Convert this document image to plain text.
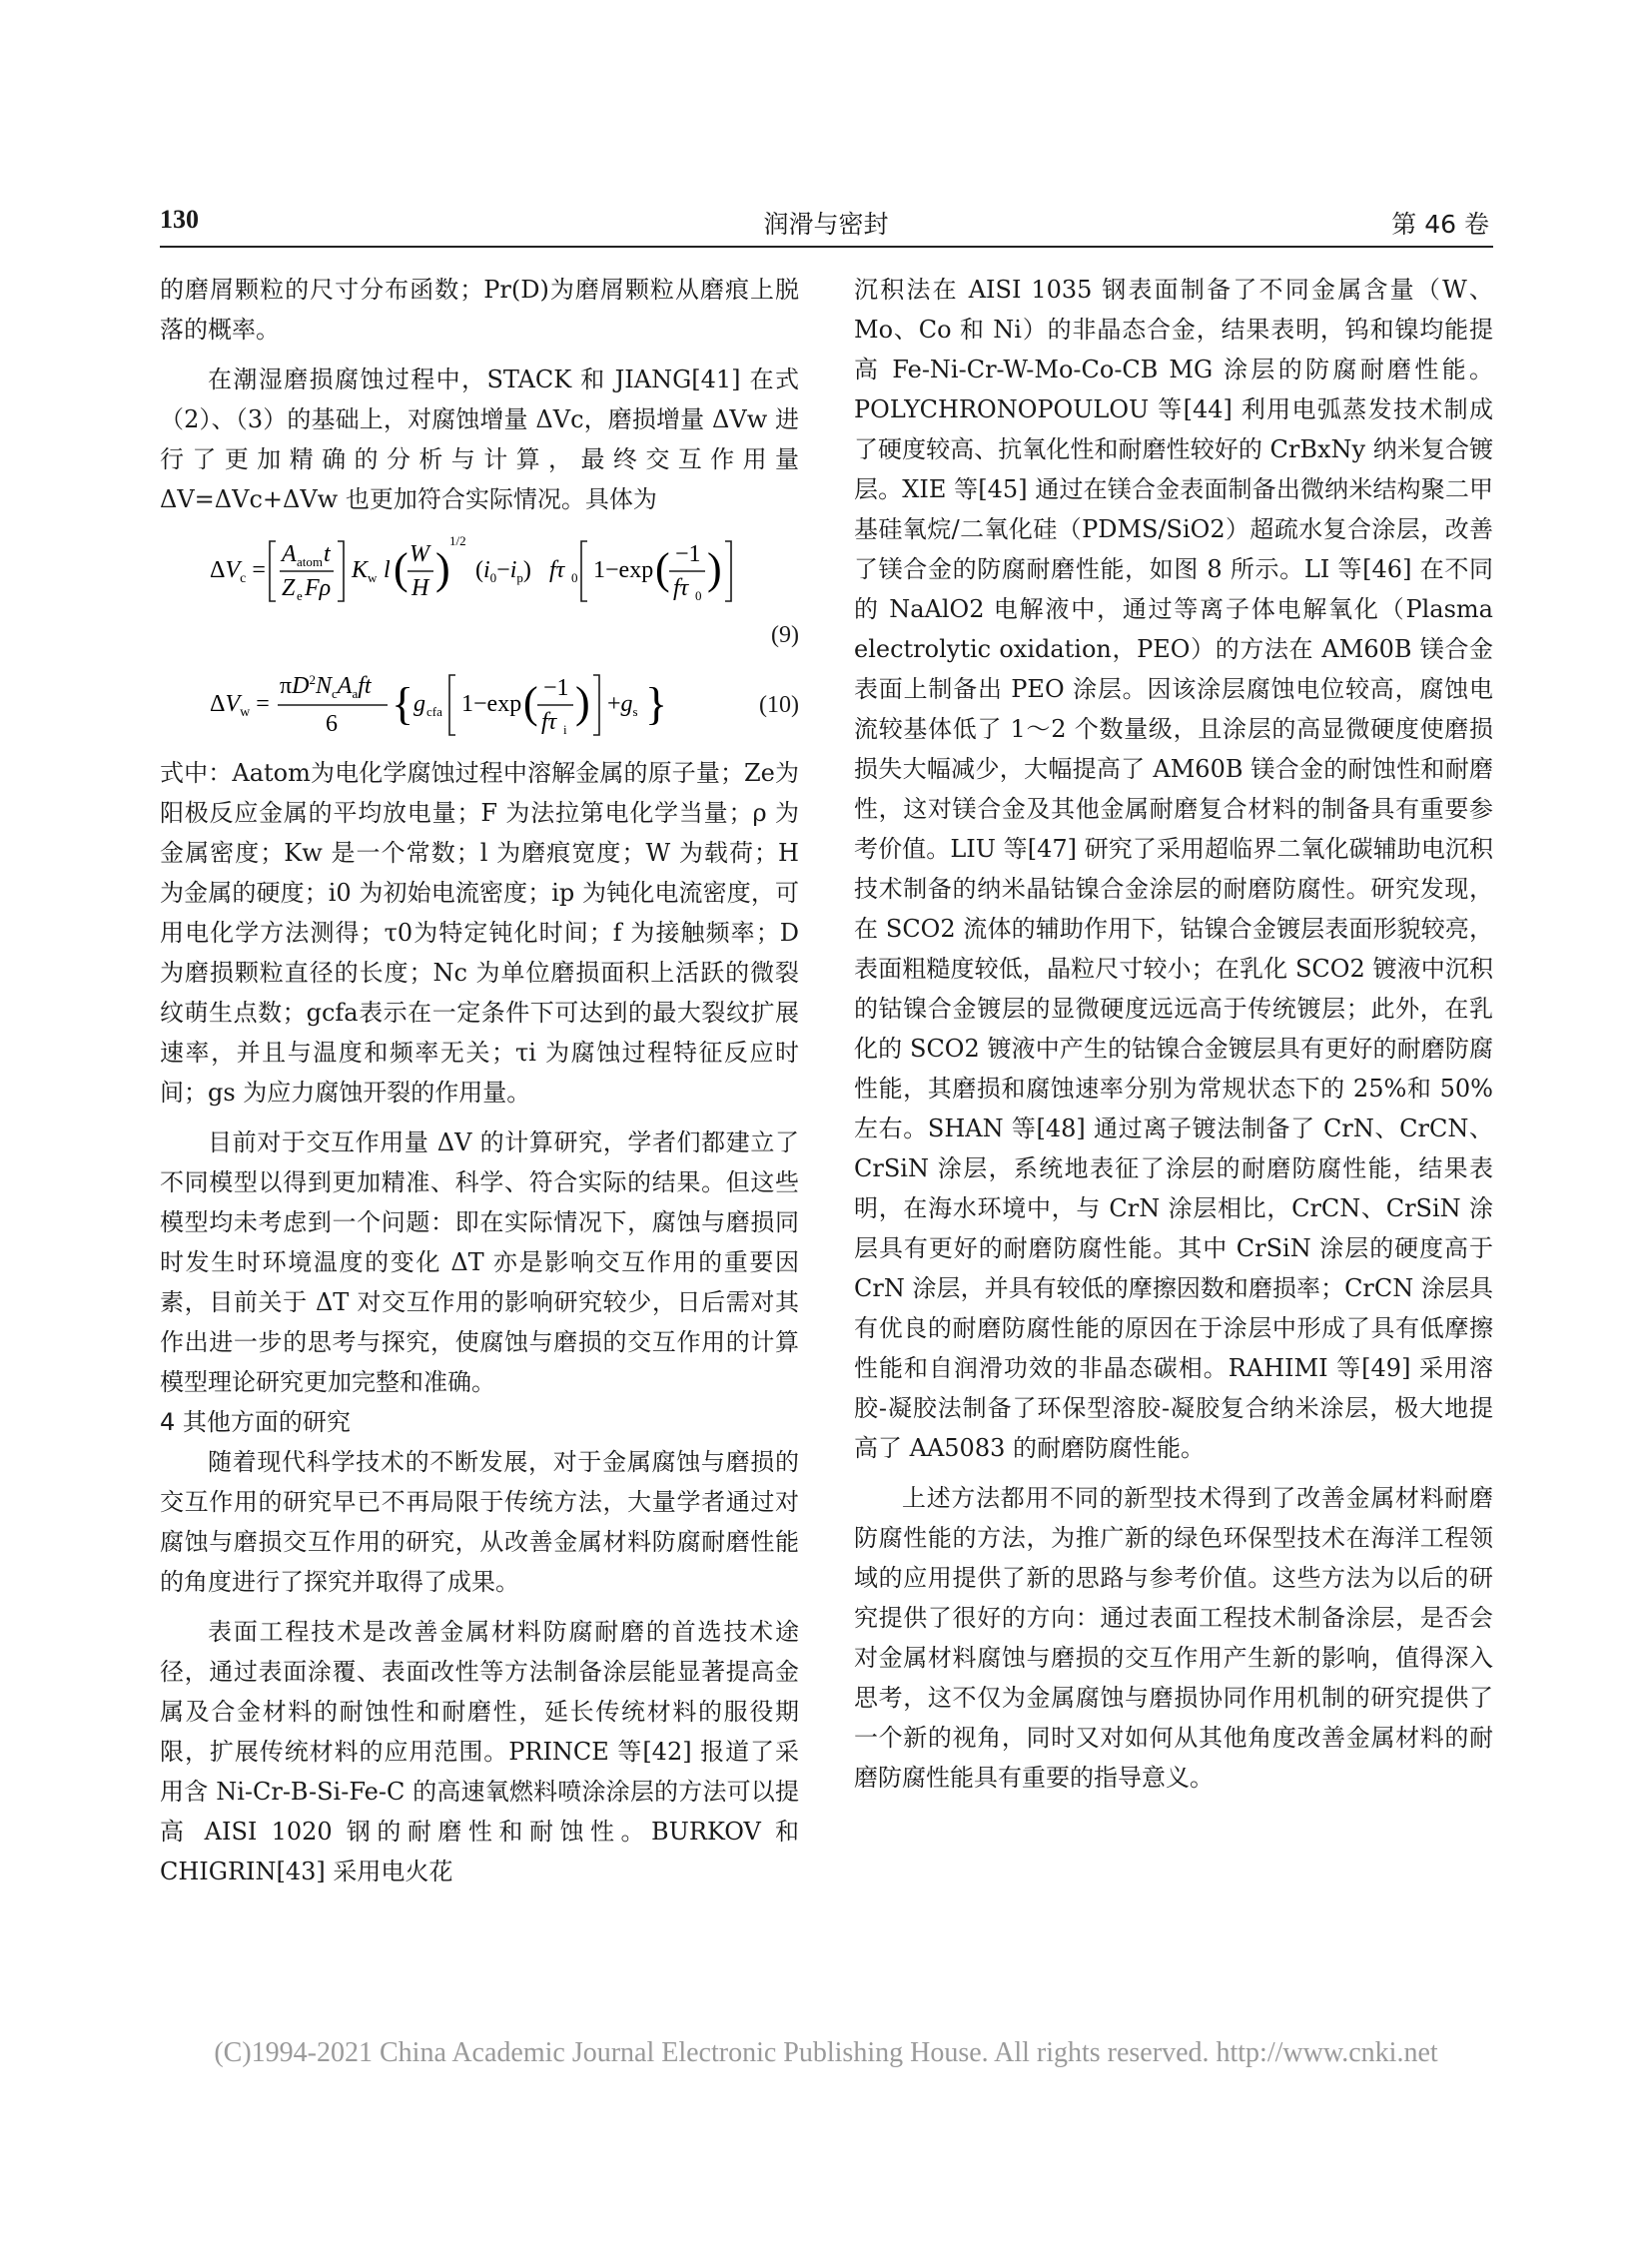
130	润滑与密封	第 46 卷

的磨屑颗粒的尺寸分布函数；Pr(D)为磨屑颗粒从磨痕上脱落的概率。

在潮湿磨损腐蚀过程中，STACK 和 JIANG[41] 在式（2）、（3）的基础上，对腐蚀增量 ΔVc，磨损增量 ΔVw 进行了更加精确的分析与计算，最终交互作用量 ΔV=ΔVc+ΔVw 也更加符合实际情况。具体为

$\Delta V_c$ =
A atom t
Z e Fρ
K w l ( W
H )
1/2
$(i_0-i_p)$ fτ 0 1−exp ( −1
fτ 0
)
(9)
$\Delta V_w$ =
$\pi D^2N_cA_aft$
6 { g cfa 1−exp ( −1
fτ i
) $+g_s$ }	(10)

式中：Aatom为电化学腐蚀过程中溶解金属的原子量；Ze为阳极反应金属的平均放电量；F 为法拉第电化学当量；ρ 为金属密度；Kw 是一个常数；l 为磨痕宽度；W 为载荷；H 为金属的硬度；i0 为初始电流密度；ip 为钝化电流密度，可用电化学方法测得；τ0为特定钝化时间；f 为接触频率；D 为磨损颗粒直径的长度；Nc 为单位磨损面积上活跃的微裂纹萌生点数；gcfa表示在一定条件下可达到的最大裂纹扩展速率，并且与温度和频率无关；τi 为腐蚀过程特征反应时间；gs 为应力腐蚀开裂的作用量。

目前对于交互作用量 ΔV 的计算研究，学者们都建立了不同模型以得到更加精准、科学、符合实际的结果。但这些模型均未考虑到一个问题：即在实际情况下，腐蚀与磨损同时发生时环境温度的变化 ΔT 亦是影响交互作用的重要因素，目前关于 ΔT 对交互作用的影响研究较少，日后需对其作出进一步的思考与探究，使腐蚀与磨损的交互作用的计算模型理论研究更加完整和准确。

4 其他方面的研究

随着现代科学技术的不断发展，对于金属腐蚀与磨损的交互作用的研究早已不再局限于传统方法，大量学者通过对腐蚀与磨损交互作用的研究，从改善金属材料防腐耐磨性能的角度进行了探究并取得了成果。

表面工程技术是改善金属材料防腐耐磨的首选技术途径，通过表面涂覆、表面改性等方法制备涂层能显著提高金属及合金材料的耐蚀性和耐磨性，延长传统材料的服役期限，扩展传统材料的应用范围。PRINCE 等[42] 报道了采用含 Ni-Cr-B-Si-Fe-C 的高速氧燃料喷涂涂层的方法可以提高 AISI 1020 钢的耐磨性和耐蚀性。BURKOV 和 CHIGRIN[43] 采用电火花

沉积法在 AISI 1035 钢表面制备了不同金属含量（W、Mo、Co 和 Ni）的非晶态合金，结果表明，钨和镍均能提高 Fe-Ni-Cr-W-Mo-Co-CB MG 涂层的防腐耐磨性能。POLYCHRONOPOULOU 等[44] 利用电弧蒸发技术制成了硬度较高、抗氧化性和耐磨性较好的 CrBxNy 纳米复合镀层。XIE 等[45] 通过在镁合金表面制备出微纳米结构聚二甲基硅氧烷/二氧化硅（PDMS/SiO2）超疏水复合涂层，改善了镁合金的防腐耐磨性能，如图 8 所示。LI 等[46] 在不同的 NaAlO2 电解液中，通过等离子体电解氧化（Plasma electrolytic oxidation，PEO）的方法在 AM60B 镁合金表面上制备出 PEO 涂层。因该涂层腐蚀电位较高，腐蚀电流较基体低了 1～2 个数量级，且涂层的高显微硬度使磨损损失大幅减少，大幅提高了 AM60B 镁合金的耐蚀性和耐磨性，这对镁合金及其他金属耐磨复合材料的制备具有重要参考价值。LIU 等[47] 研究了采用超临界二氧化碳辅助电沉积技术制备的纳米晶钴镍合金涂层的耐磨防腐性。研究发现，在 SCO2 流体的辅助作用下，钴镍合金镀层表面形貌较亮，表面粗糙度较低，晶粒尺寸较小；在乳化 SCO2 镀液中沉积的钴镍合金镀层的显微硬度远远高于传统镀层；此外，在乳化的 SCO2 镀液中产生的钴镍合金镀层具有更好的耐磨防腐性能，其磨损和腐蚀速率分别为常规状态下的 25%和 50%左右。SHAN 等[48] 通过离子镀法制备了 CrN、CrCN、CrSiN 涂层，系统地表征了涂层的耐磨防腐性能，结果表明，在海水环境中，与 CrN 涂层相比，CrCN、CrSiN 涂层具有更好的耐磨防腐性能。其中 CrSiN 涂层的硬度高于 CrN 涂层，并具有较低的摩擦因数和磨损率；CrCN 涂层具有优良的耐磨防腐性能的原因在于涂层中形成了具有低摩擦性能和自润滑功效的非晶态碳相。RAHIMI 等[49] 采用溶胶-凝胶法制备了环保型溶胶-凝胶复合纳米涂层，极大地提高了 AA5083 的耐磨防腐性能。

上述方法都用不同的新型技术得到了改善金属材料耐磨防腐性能的方法，为推广新的绿色环保型技术在海洋工程领域的应用提供了新的思路与参考价值。这些方法为以后的研究提供了很好的方向：通过表面工程技术制备涂层，是否会对金属材料腐蚀与磨损的交互作用产生新的影响，值得深入思考，这不仅为金属腐蚀与磨损协同作用机制的研究提供了一个新的视角，同时又对如何从其他角度改善金属材料的耐磨防腐性能具有重要的指导意义。

(C)1994-2021 China Academic Journal Electronic Publishing House. All rights reserved. http://www.cnki.net
